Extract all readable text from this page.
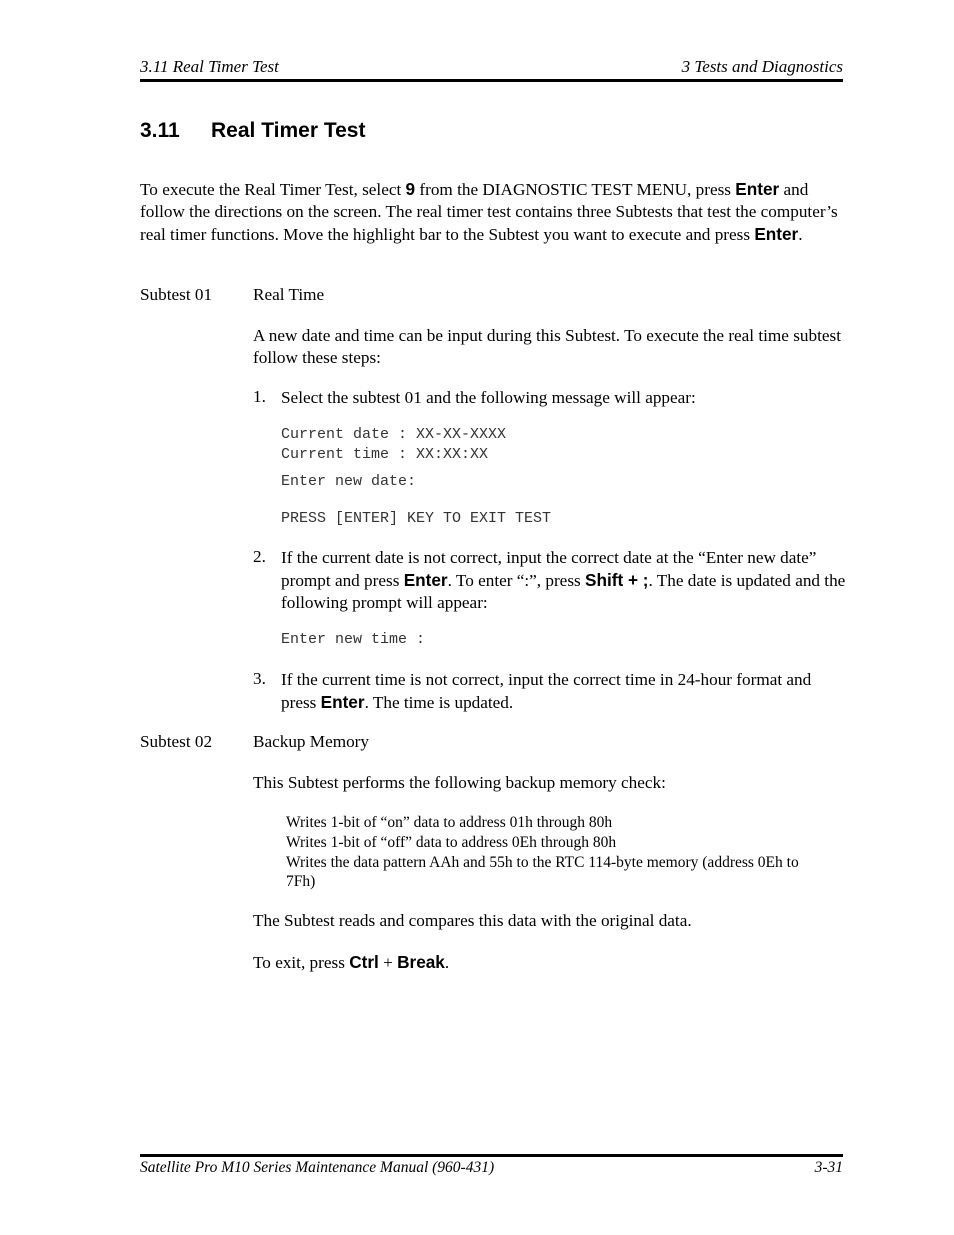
3.11 Real Timer Test	3 Tests and Diagnostics
3.11 Real Timer Test
To execute the Real Timer Test, select 9 from the DIAGNOSTIC TEST MENU, press Enter and follow the directions on the screen. The real timer test contains three Subtests that test the computer’s real timer functions. Move the highlight bar to the Subtest you want to execute and press Enter.
Subtest 01 Real Time
A new date and time can be input during this Subtest. To execute the real time subtest follow these steps:
1. Select the subtest 01 and the following message will appear:
Current date : XX-XX-XXXX
Current time : XX:XX:XX
Enter new date:
PRESS [ENTER] KEY TO EXIT TEST
2. If the current date is not correct, input the correct date at the “Enter new date” prompt and press Enter. To enter “:”, press Shift + ;. The date is updated and the following prompt will appear:
Enter new time :
3. If the current time is not correct, input the correct time in 24-hour format and press Enter. The time is updated.
Subtest 02 Backup Memory
This Subtest performs the following backup memory check:
Writes 1-bit of “on” data to address 01h through 80h
Writes 1-bit of “off” data to address 0Eh through 80h
Writes the data pattern AAh and 55h to the RTC 114-byte memory (address 0Eh to 7Fh)
The Subtest reads and compares this data with the original data.
To exit, press Ctrl + Break.
Satellite Pro M10 Series Maintenance Manual (960-431)	3-31
